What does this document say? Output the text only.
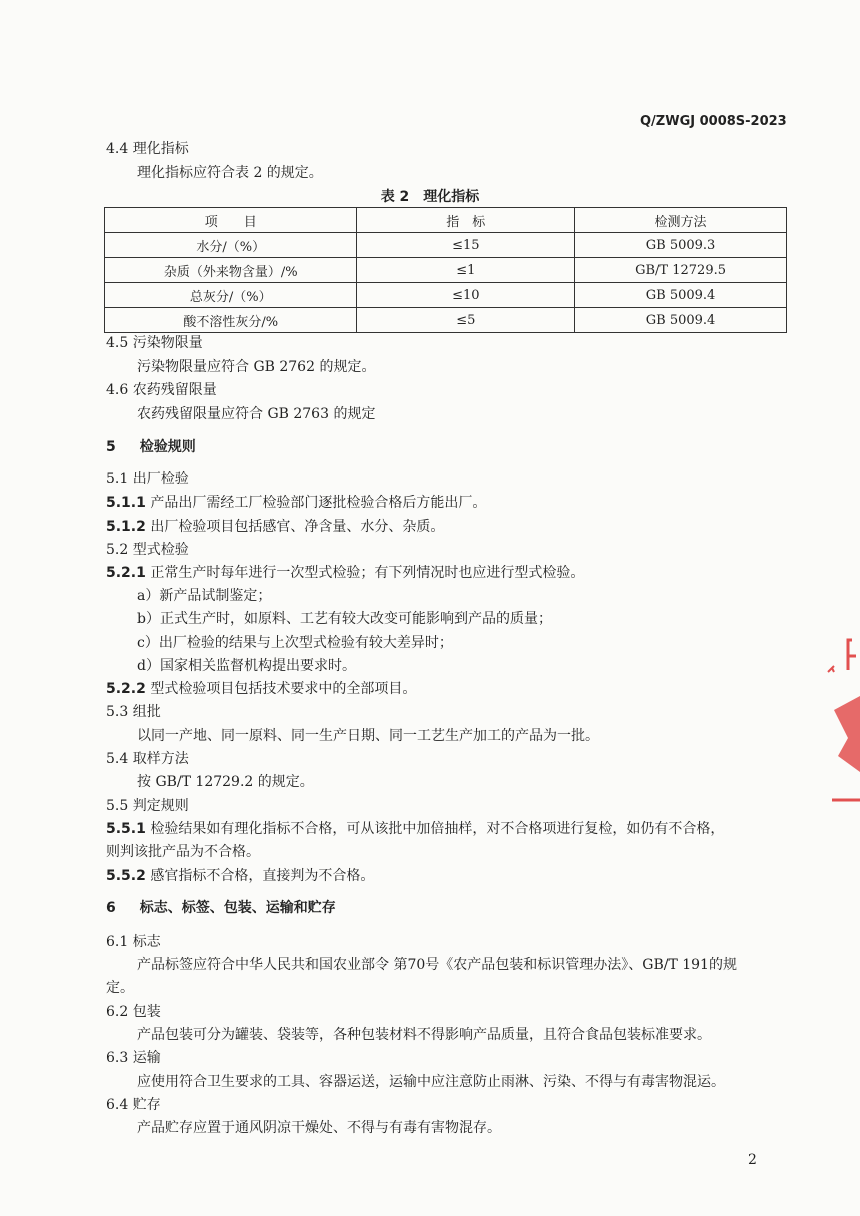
Q/ZWGJ 0008S-2023
4.4 理化指标
理化指标应符合表 2 的规定。
表 2　理化指标
项　　目	指　标	检测方法
水分/（%）	≤15	GB 5009.3
杂质（外来物含量）/%	≤1	GB/T 12729.5
总灰分/（%）	≤10	GB 5009.4
酸不溶性灰分/%	≤5	GB 5009.4
4.5 污染物限量
污染物限量应符合 GB 2762 的规定。
4.6 农药残留限量
农药残留限量应符合 GB 2763 的规定
5 检验规则
5.1 出厂检验
5.1.1 产品出厂需经工厂检验部门逐批检验合格后方能出厂。
5.1.2 出厂检验项目包括感官、净含量、水分、杂质。
5.2 型式检验
5.2.1 正常生产时每年进行一次型式检验；有下列情况时也应进行型式检验。
a）新产品试制鉴定；
b）正式生产时，如原料、工艺有较大改变可能影响到产品的质量；
c）出厂检验的结果与上次型式检验有较大差异时；
d）国家相关监督机构提出要求时。
5.2.2 型式检验项目包括技术要求中的全部项目。
5.3 组批
以同一产地、同一原料、同一生产日期、同一工艺生产加工的产品为一批。
5.4 取样方法
按 GB/T 12729.2 的规定。
5.5 判定规则
5.5.1 检验结果如有理化指标不合格，可从该批中加倍抽样，对不合格项进行复检，如仍有不合格，
则判该批产品为不合格。
5.5.2 感官指标不合格，直接判为不合格。
6 标志、标签、包装、运输和贮存
6.1 标志
产品标签应符合中华人民共和国农业部令 第70号《农产品包装和标识管理办法》、GB/T 191的规
定。
6.2 包装
产品包装可分为罐装、袋装等，各种包装材料不得影响产品质量，且符合食品包装标准要求。
6.3 运输
应使用符合卫生要求的工具、容器运送，运输中应注意防止雨淋、污染、不得与有毒害物混运。
6.4 贮存
产品贮存应置于通风阴凉干燥处、不得与有毒有害物混存。
2
